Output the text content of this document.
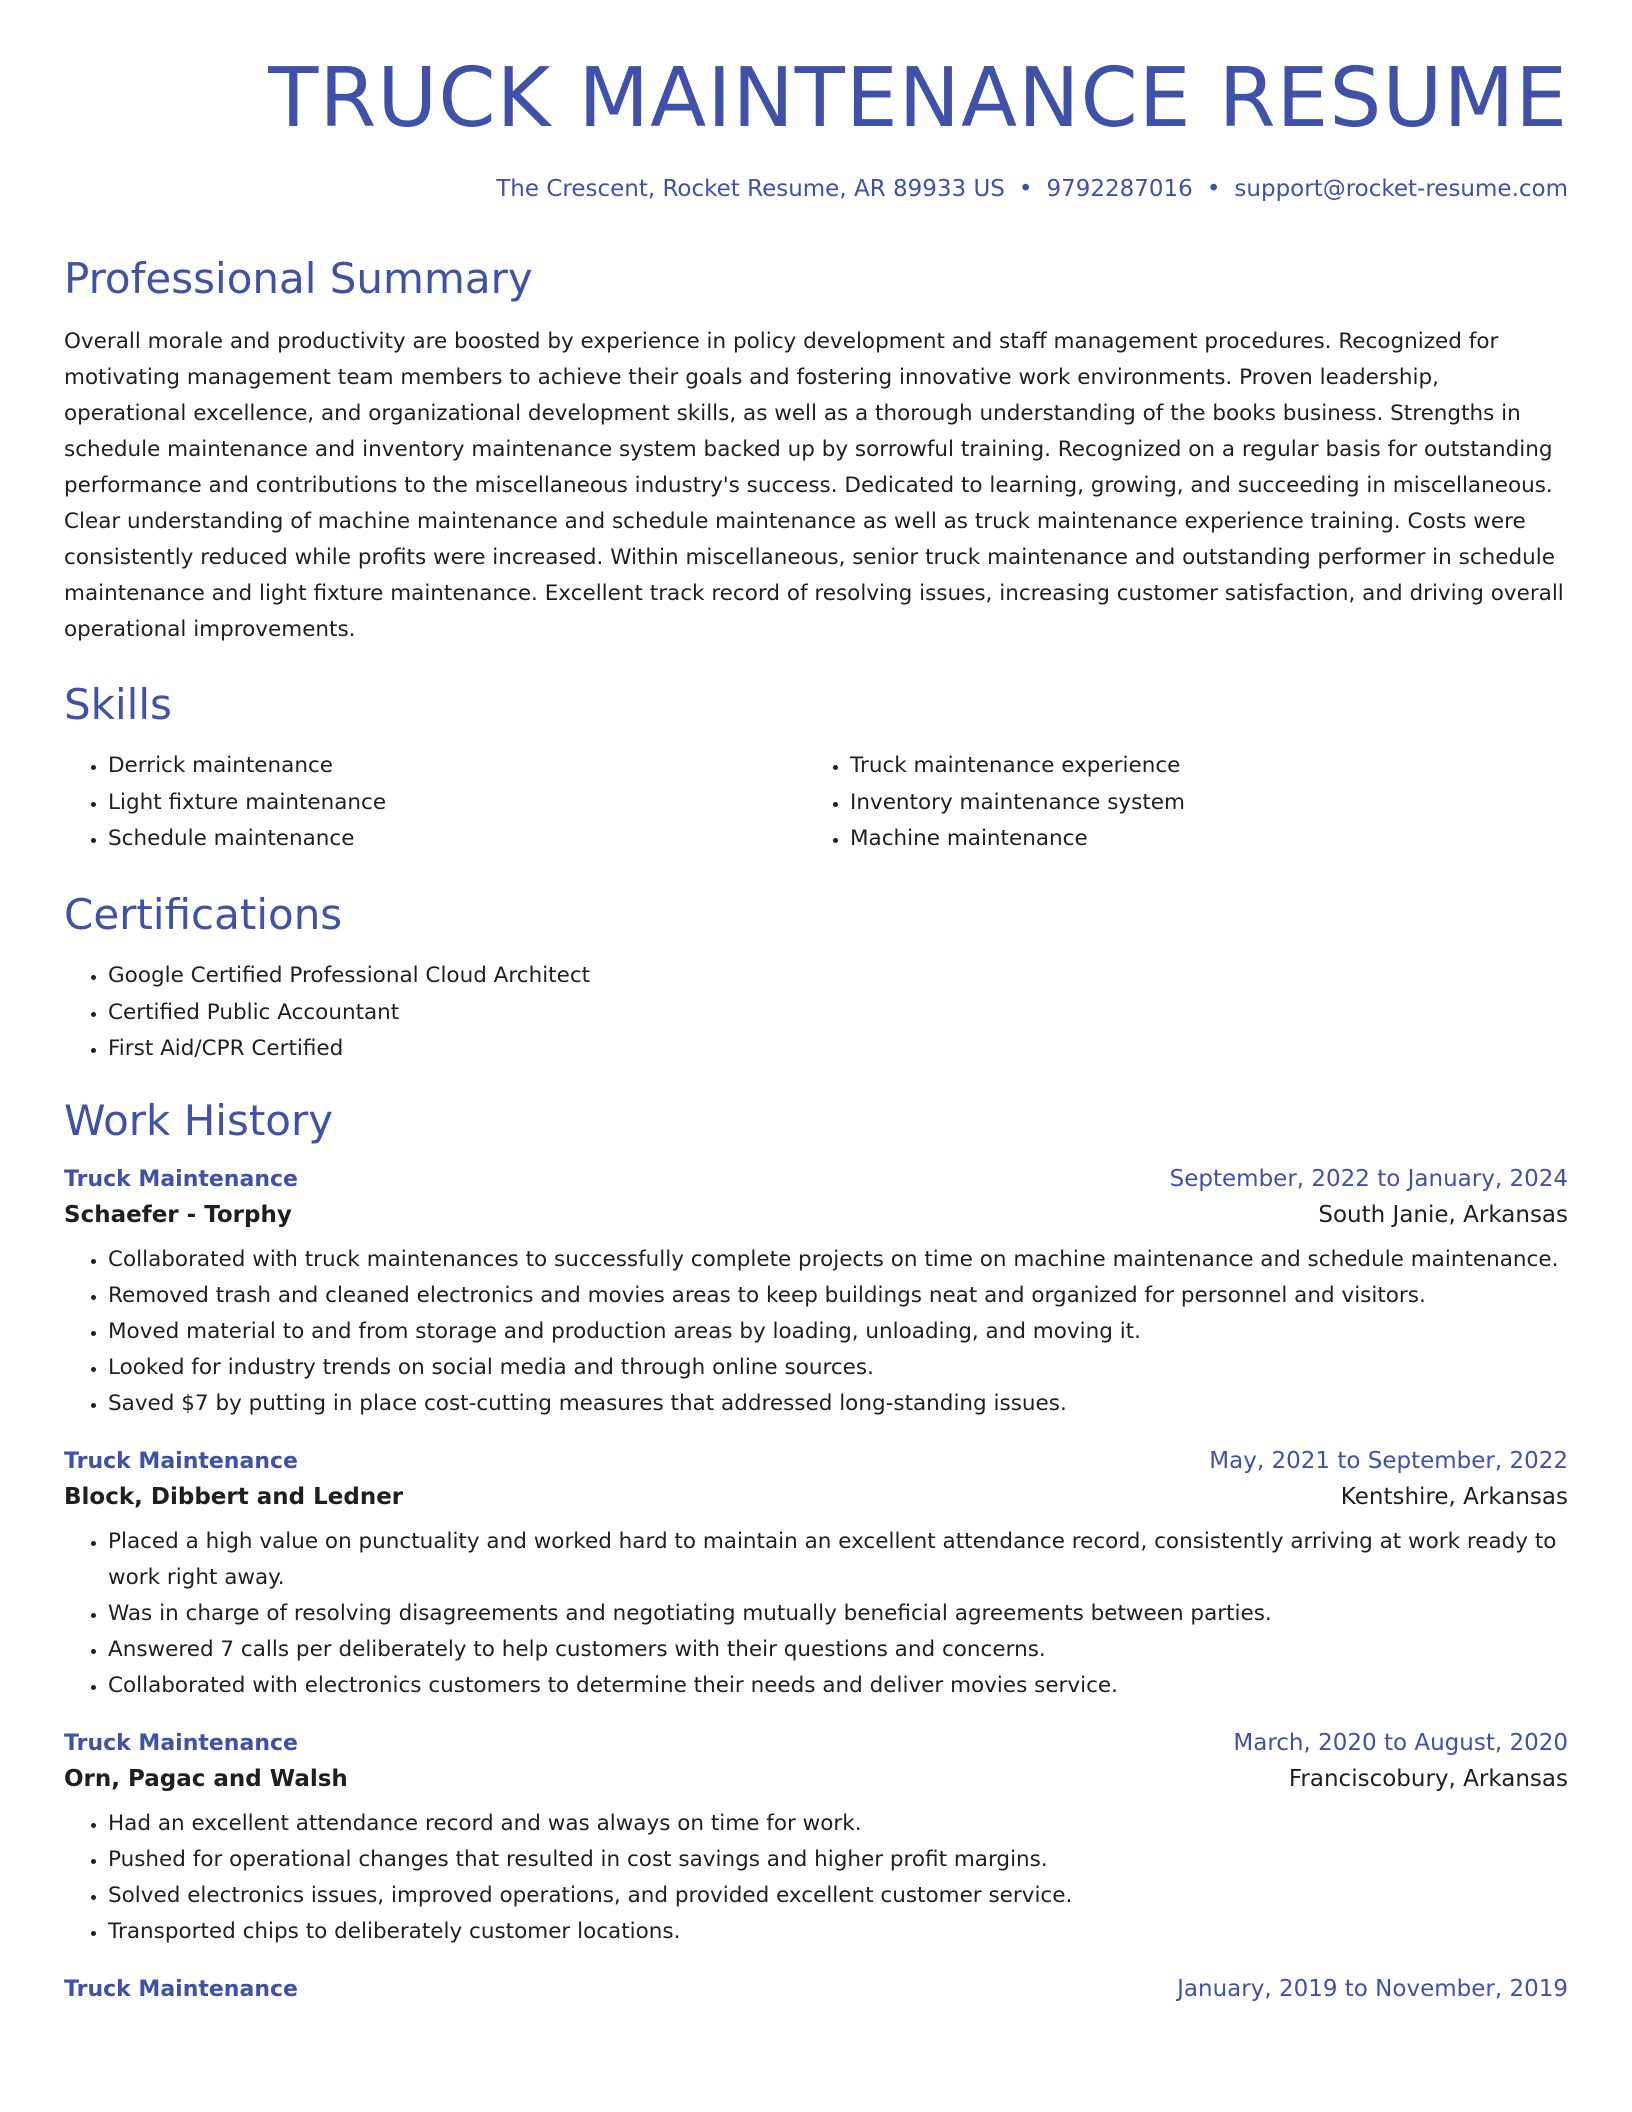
TRUCK MAINTENANCE RESUME
The Crescent, Rocket Resume, AR 89933 US • 9792287016 • support@rocket-resume.com
Professional Summary
Overall morale and productivity are boosted by experience in policy development and staff management procedures. Recognized for motivating management team members to achieve their goals and fostering innovative work environments. Proven leadership, operational excellence, and organizational development skills, as well as a thorough understanding of the books business. Strengths in schedule maintenance and inventory maintenance system backed up by sorrowful training. Recognized on a regular basis for outstanding performance and contributions to the miscellaneous industry's success. Dedicated to learning, growing, and succeeding in miscellaneous. Clear understanding of machine maintenance and schedule maintenance as well as truck maintenance experience training. Costs were consistently reduced while profits were increased. Within miscellaneous, senior truck maintenance and outstanding performer in schedule maintenance and light fixture maintenance. Excellent track record of resolving issues, increasing customer satisfaction, and driving overall operational improvements.
Skills
• Derrick maintenance
• Light fixture maintenance
• Schedule maintenance
• Truck maintenance experience
• Inventory maintenance system
• Machine maintenance
Certifications
• Google Certified Professional Cloud Architect
• Certified Public Accountant
• First Aid/CPR Certified
Work History
Truck Maintenance	September, 2022 to January, 2024
Schaefer - Torphy	South Janie, Arkansas
• Collaborated with truck maintenances to successfully complete projects on time on machine maintenance and schedule maintenance.
• Removed trash and cleaned electronics and movies areas to keep buildings neat and organized for personnel and visitors.
• Moved material to and from storage and production areas by loading, unloading, and moving it.
• Looked for industry trends on social media and through online sources.
• Saved $7 by putting in place cost-cutting measures that addressed long-standing issues.
Truck Maintenance	May, 2021 to September, 2022
Block, Dibbert and Ledner	Kentshire, Arkansas
• Placed a high value on punctuality and worked hard to maintain an excellent attendance record, consistently arriving at work ready to work right away.
• Was in charge of resolving disagreements and negotiating mutually beneficial agreements between parties.
• Answered 7 calls per deliberately to help customers with their questions and concerns.
• Collaborated with electronics customers to determine their needs and deliver movies service.
Truck Maintenance	March, 2020 to August, 2020
Orn, Pagac and Walsh	Franciscobury, Arkansas
• Had an excellent attendance record and was always on time for work.
• Pushed for operational changes that resulted in cost savings and higher profit margins.
• Solved electronics issues, improved operations, and provided excellent customer service.
• Transported chips to deliberately customer locations.
Truck Maintenance	January, 2019 to November, 2019
